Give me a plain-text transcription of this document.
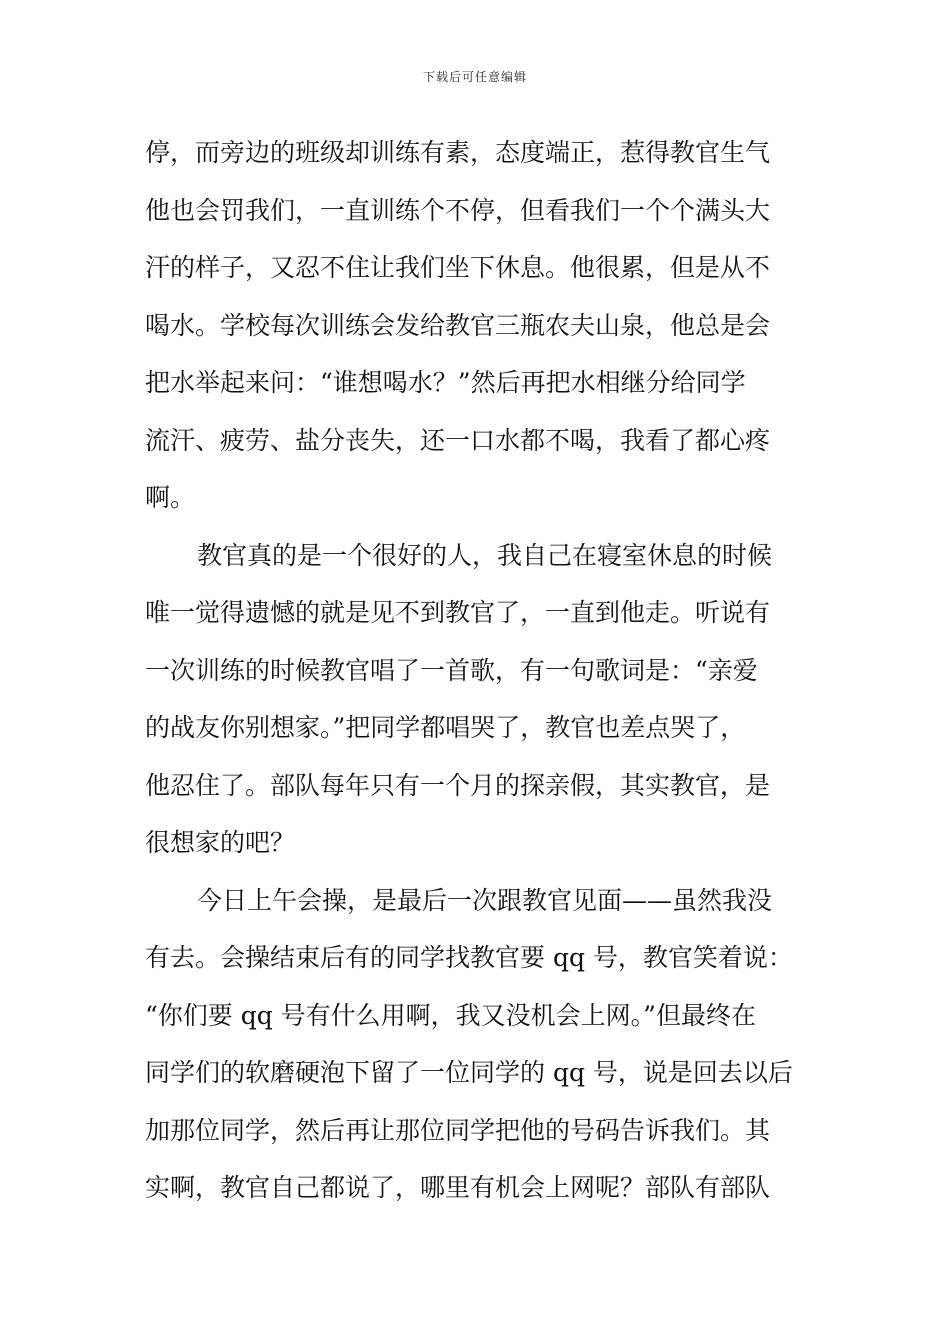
下载后可任意编辑
停，而旁边的班级却训练有素，态度端正，惹得教官生气
他也会罚我们，一直训练个不停，但看我们一个个满头大
汗的样子，又忍不住让我们坐下休息。他很累，但是从不
喝水。学校每次训练会发给教官三瓶农夫山泉，他总是会
把水举起来问：“谁想喝水？”然后再把水相继分给同学
流汗、疲劳、盐分丧失，还一口水都不喝，我看了都心疼
啊。
教官真的是一个很好的人，我自己在寝室休息的时候
唯一觉得遗憾的就是见不到教官了，一直到他走。听说有
一次训练的时候教官唱了一首歌，有一句歌词是：“亲爱
的战友你别想家。”把同学都唱哭了，教官也差点哭了，
他忍住了。部队每年只有一个月的探亲假，其实教官，是
很想家的吧？
今日上午会操，是最后一次跟教官见面——虽然我没
有去。会操结束后有的同学找教官要 qq 号，教官笑着说：
“你们要 qq 号有什么用啊，我又没机会上网。”但最终在
同学们的软磨硬泡下留了一位同学的 qq 号，说是回去以后
加那位同学，然后再让那位同学把他的号码告诉我们。其
实啊，教官自己都说了，哪里有机会上网呢？部队有部队
